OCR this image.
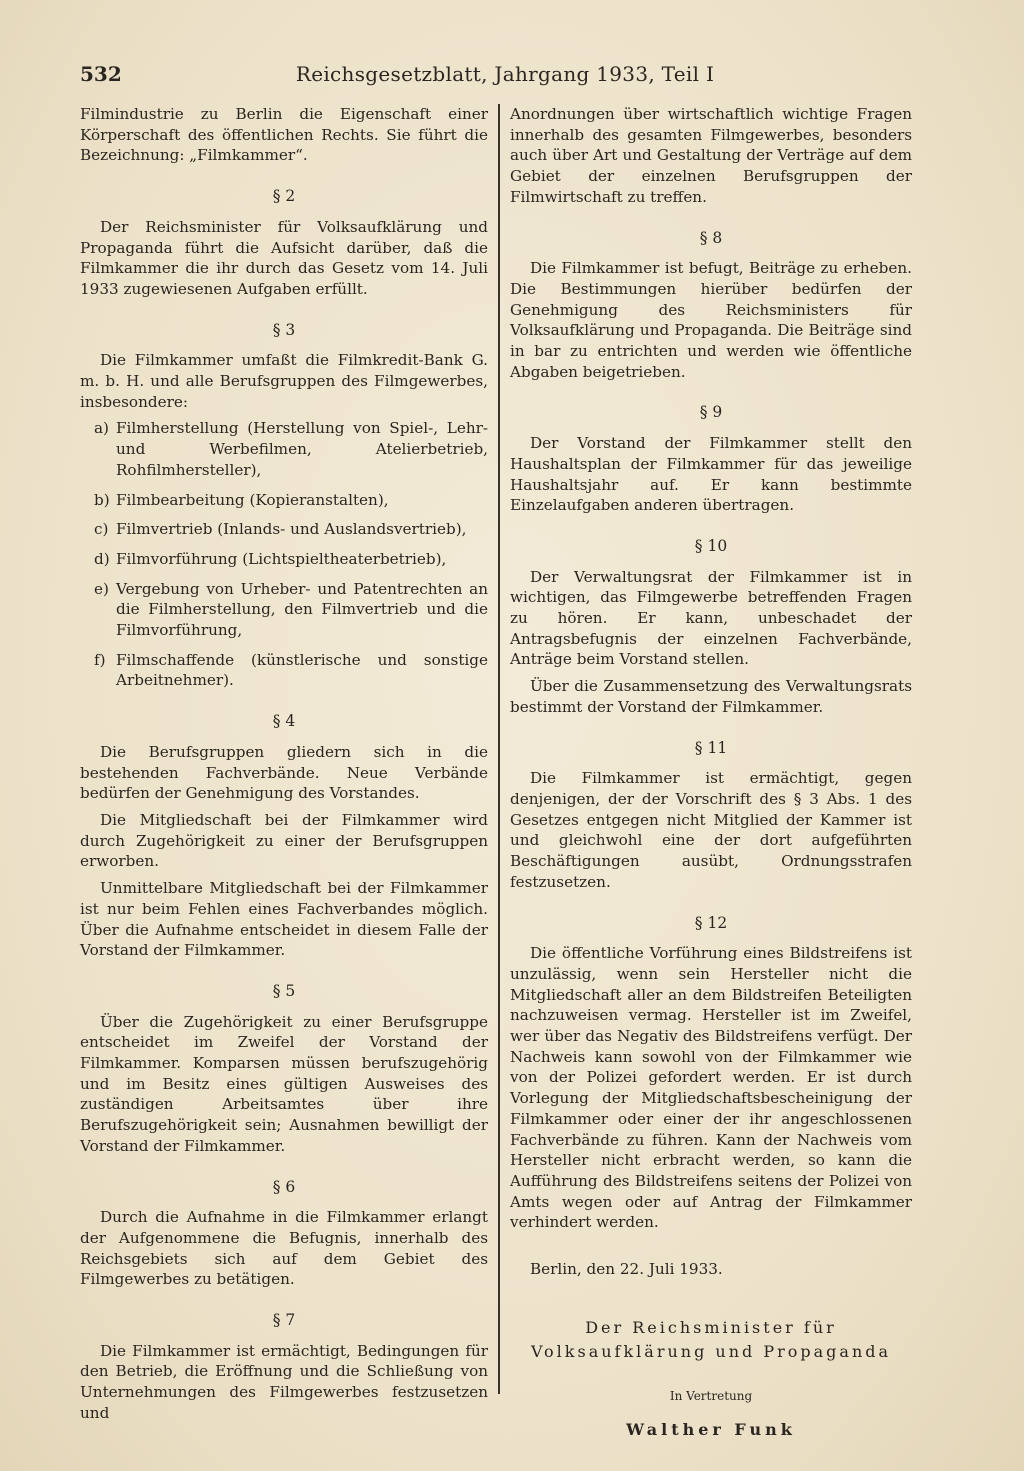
532	Reichsgesetzblatt, Jahrgang 1933, Teil I

Filmindustrie zu Berlin die Eigenschaft einer Körperschaft des öffentlichen Rechts. Sie führt die Bezeichnung: „Filmkammer“.

§ 2

Der Reichsminister für Volksaufklärung und Propaganda führt die Aufsicht darüber, daß die Filmkammer die ihr durch das Gesetz vom 14. Juli 1933 zugewiesenen Aufgaben erfüllt.

§ 3

Die Filmkammer umfaßt die Filmkredit-Bank G. m. b. H. und alle Berufsgruppen des Filmgewerbes, insbesondere:

a) Filmherstellung (Herstellung von Spiel-, Lehr- und Werbefilmen, Atelierbetrieb, Rohfilmhersteller),
b) Filmbearbeitung (Kopieranstalten),
c) Filmvertrieb (Inlands- und Auslandsvertrieb),
d) Filmvorführung (Lichtspieltheaterbetrieb),
e) Vergebung von Urheber- und Patentrechten an die Filmherstellung, den Filmvertrieb und die Filmvorführung,
f) Filmschaffende (künstlerische und sonstige Arbeitnehmer).
§ 4

Die Berufsgruppen gliedern sich in die bestehenden Fachverbände. Neue Verbände bedürfen der Genehmigung des Vorstandes.

Die Mitgliedschaft bei der Filmkammer wird durch Zugehörigkeit zu einer der Berufsgruppen erworben.

Unmittelbare Mitgliedschaft bei der Filmkammer ist nur beim Fehlen eines Fachverbandes möglich. Über die Aufnahme entscheidet in diesem Falle der Vorstand der Filmkammer.

§ 5

Über die Zugehörigkeit zu einer Berufsgruppe entscheidet im Zweifel der Vorstand der Filmkammer. Komparsen müssen berufszugehörig und im Besitz eines gültigen Ausweises des zuständigen Arbeitsamtes über ihre Berufszugehörigkeit sein; Ausnahmen bewilligt der Vorstand der Filmkammer.

§ 6

Durch die Aufnahme in die Filmkammer erlangt der Aufgenommene die Befugnis, innerhalb des Reichsgebiets sich auf dem Gebiet des Filmgewerbes zu betätigen.

§ 7

Die Filmkammer ist ermächtigt, Bedingungen für den Betrieb, die Eröffnung und die Schließung von Unternehmungen des Filmgewerbes festzusetzen und

Anordnungen über wirtschaftlich wichtige Fragen innerhalb des gesamten Filmgewerbes, besonders auch über Art und Gestaltung der Verträge auf dem Gebiet der einzelnen Berufsgruppen der Filmwirtschaft zu treffen.

§ 8

Die Filmkammer ist befugt, Beiträge zu erheben. Die Bestimmungen hierüber bedürfen der Genehmigung des Reichsministers für Volksaufklärung und Propaganda. Die Beiträge sind in bar zu entrichten und werden wie öffentliche Abgaben beigetrieben.

§ 9

Der Vorstand der Filmkammer stellt den Haushaltsplan der Filmkammer für das jeweilige Haushaltsjahr auf. Er kann bestimmte Einzelaufgaben anderen übertragen.

§ 10

Der Verwaltungsrat der Filmkammer ist in wichtigen, das Filmgewerbe betreffenden Fragen zu hören. Er kann, unbeschadet der Antragsbefugnis der einzelnen Fachverbände, Anträge beim Vorstand stellen.

Über die Zusammensetzung des Verwaltungsrats bestimmt der Vorstand der Filmkammer.

§ 11

Die Filmkammer ist ermächtigt, gegen denjenigen, der der Vorschrift des § 3 Abs. 1 des Gesetzes entgegen nicht Mitglied der Kammer ist und gleichwohl eine der dort aufgeführten Beschäftigungen ausübt, Ordnungsstrafen festzusetzen.

§ 12

Die öffentliche Vorführung eines Bildstreifens ist unzulässig, wenn sein Hersteller nicht die Mitgliedschaft aller an dem Bildstreifen Beteiligten nachzuweisen vermag. Hersteller ist im Zweifel, wer über das Negativ des Bildstreifens verfügt. Der Nachweis kann sowohl von der Filmkammer wie von der Polizei gefordert werden. Er ist durch Vorlegung der Mitgliedschaftsbescheinigung der Filmkammer oder einer der ihr angeschlossenen Fachverbände zu führen. Kann der Nachweis vom Hersteller nicht erbracht werden, so kann die Aufführung des Bildstreifens seitens der Polizei von Amts wegen oder auf Antrag der Filmkammer verhindert werden.

Berlin, den 22. Juli 1933.

Der Reichsminister für
Volksaufklärung und Propaganda
In Vertretung
Walther Funk
